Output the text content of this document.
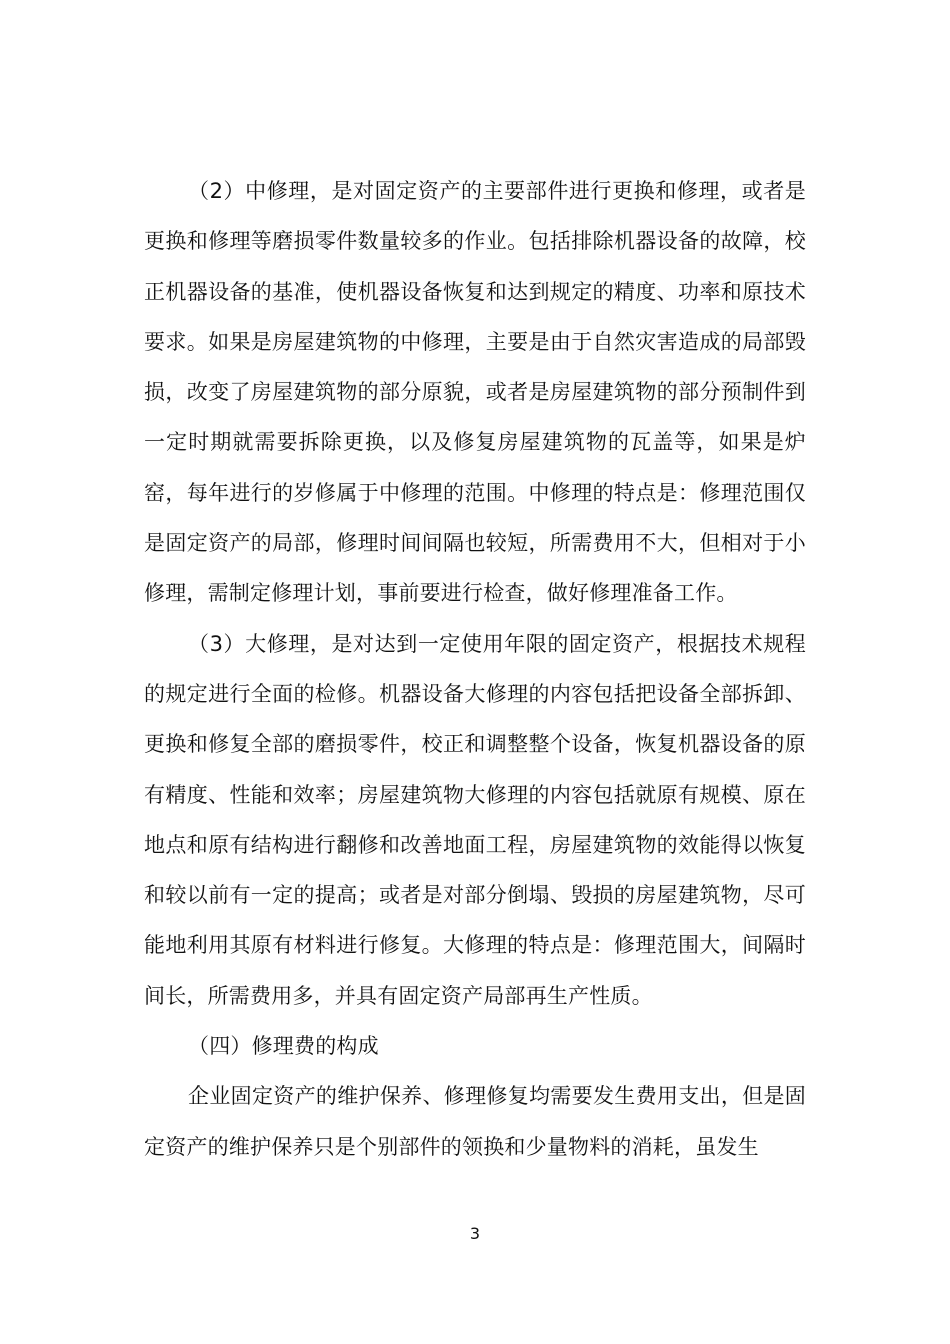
（2）中修理，是对固定资产的主要部件进行更换和修理，或者是更换和修理等磨损零件数量较多的作业。包括排除机器设备的故障，校正机器设备的基准，使机器设备恢复和达到规定的精度、功率和原技术要求。如果是房屋建筑物的中修理，主要是由于自然灾害造成的局部毁损，改变了房屋建筑物的部分原貌，或者是房屋建筑物的部分预制件到一定时期就需要拆除更换，以及修复房屋建筑物的瓦盖等，如果是炉窑，每年进行的岁修属于中修理的范围。中修理的特点是：修理范围仅是固定资产的局部，修理时间间隔也较短，所需费用不大，但相对于小修理，需制定修理计划，事前要进行检查，做好修理准备工作。

（3）大修理，是对达到一定使用年限的固定资产，根据技术规程的规定进行全面的检修。机器设备大修理的内容包括把设备全部拆卸、更换和修复全部的磨损零件，校正和调整整个设备，恢复机器设备的原有精度、性能和效率；房屋建筑物大修理的内容包括就原有规模、原在地点和原有结构进行翻修和改善地面工程，房屋建筑物的效能得以恢复和较以前有一定的提高；或者是对部分倒塌、毁损的房屋建筑物，尽可能地利用其原有材料进行修复。大修理的特点是：修理范围大，间隔时间长，所需费用多，并具有固定资产局部再生产性质。

（四）修理费的构成

企业固定资产的维护保养、修理修复均需要发生费用支出，但是固定资产的维护保养只是个别部件的领换和少量物料的消耗，虽发生

3
